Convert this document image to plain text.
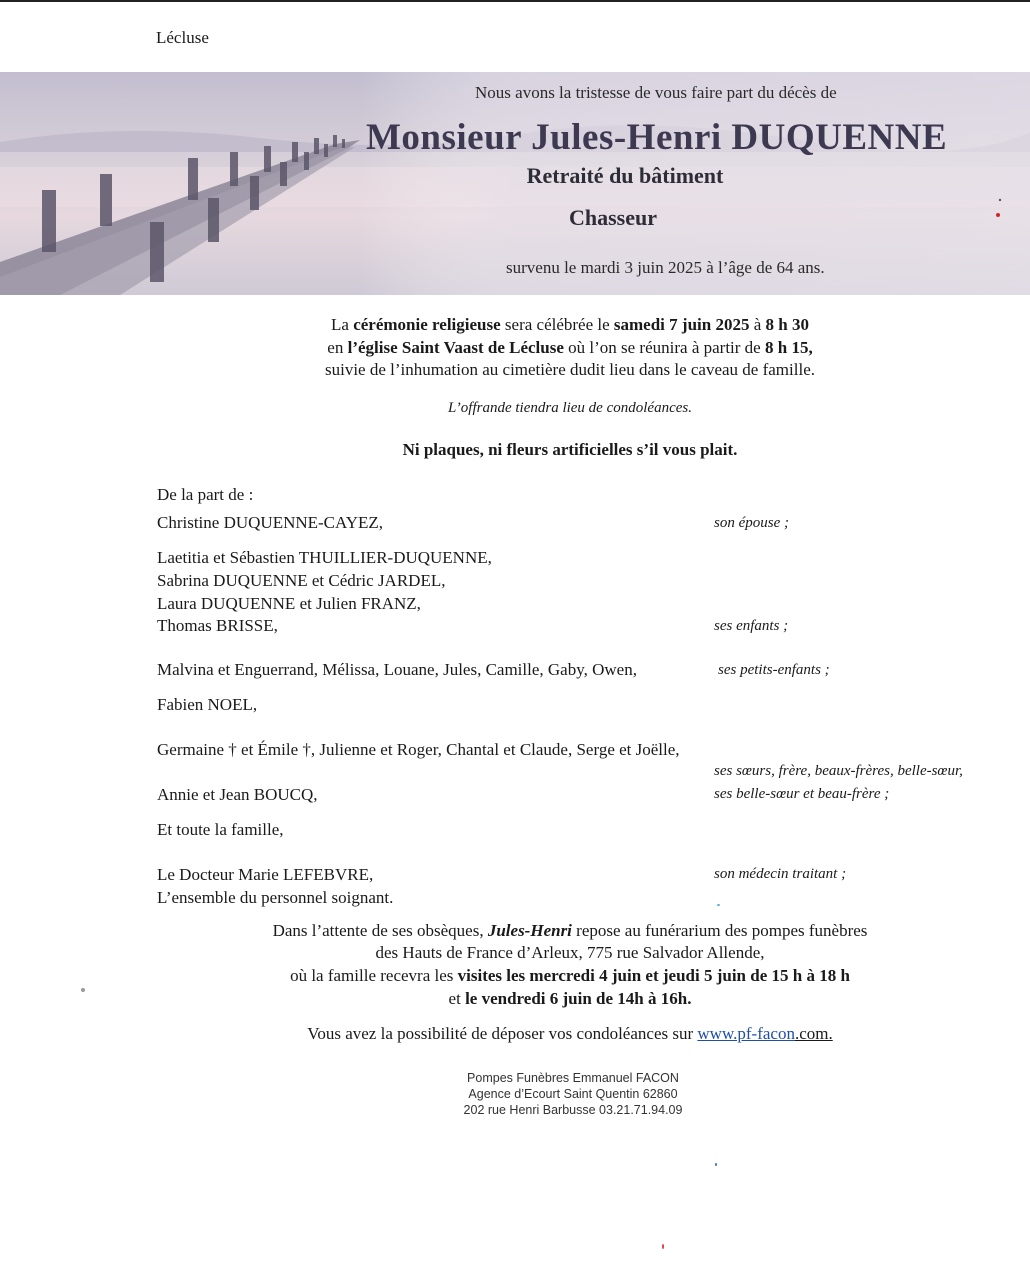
Lécluse
Nous avons la tristesse de vous faire part du décès de
Monsieur Jules-Henri DUQUENNE
Retraité du bâtiment
Chasseur
survenu le mardi 3 juin 2025 à l’âge de 64 ans.
La cérémonie religieuse sera célébrée le samedi 7 juin 2025 à 8 h 30
en l’église Saint Vaast de Lécluse où l’on se réunira à partir de 8 h 15,
suivie de l’inhumation au cimetière dudit lieu dans le caveau de famille.
L’offrande tiendra lieu de condoléances.
Ni plaques, ni fleurs artificielles s’il vous plait.
De la part de :
Christine DUQUENNE-CAYEZ,	son épouse ;
Laetitia et Sébastien THUILLIER-DUQUENNE,
Sabrina DUQUENNE et Cédric JARDEL,
Laura DUQUENNE et Julien FRANZ,
Thomas BRISSE,	ses enfants ;
Malvina et Enguerrand, Mélissa, Louane, Jules, Camille, Gaby, Owen,	ses petits-enfants ;
Fabien NOEL,
Germaine † et Émile †, Julienne et Roger, Chantal et Claude, Serge et Joëlle,
ses sœurs, frère, beaux-frères, belle-sœur,
Annie et Jean BOUCQ,	ses belle-sœur et beau-frère ;
Et toute la famille,
Le Docteur Marie LEFEBVRE,	son médecin traitant ;
L’ensemble du personnel soignant.
Dans l’attente de ses obsèques, Jules-Henri repose au funérarium des pompes funèbres
des Hauts de France d’Arleux, 775 rue Salvador Allende,
où la famille recevra les visites les mercredi 4 juin et jeudi 5 juin de 15 h à 18 h
et le vendredi 6 juin de 14h à 16h.
Vous avez la possibilité de déposer vos condoléances sur www.pf-facon.com.
Pompes Funèbres Emmanuel FACON
Agence d’Ecourt Saint Quentin 62860
202 rue Henri Barbusse 03.21.71.94.09
